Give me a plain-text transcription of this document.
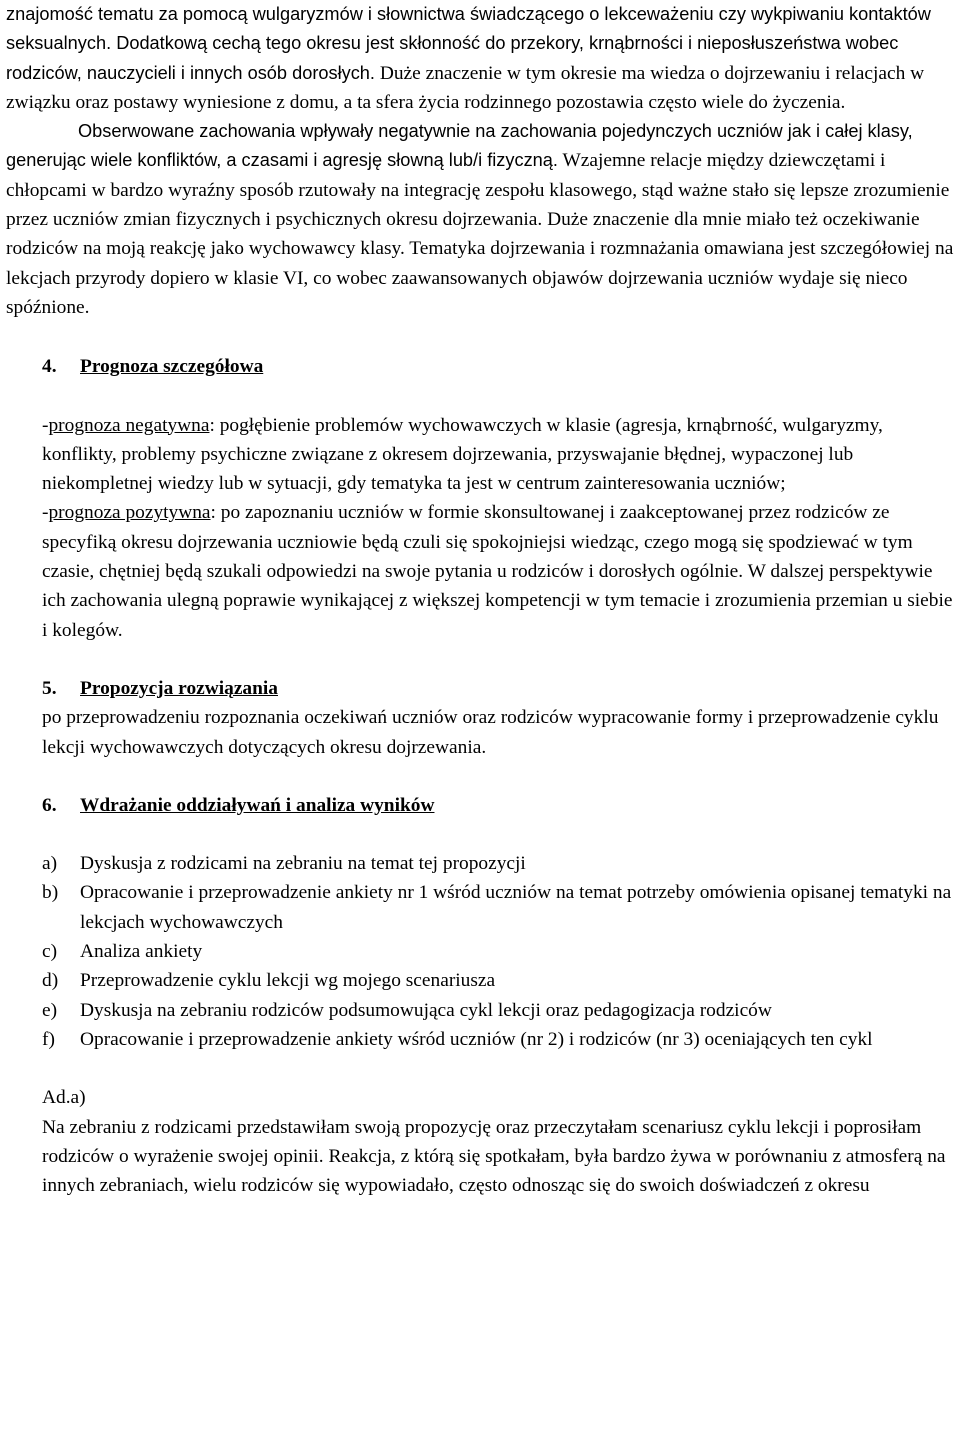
znajomość tematu za pomocą wulgaryzmów i słownictwa świadczącego o lekceważeniu czy wykpiwaniu kontaktów seksualnych. Dodatkową cechą tego okresu jest skłonność do przekory, krnąbrności i nieposłuszeństwa wobec rodziców, nauczycieli i innych osób dorosłych. Duże znaczenie w tym okresie ma wiedza o dojrzewaniu i relacjach w związku oraz postawy wyniesione z domu, a ta sfera życia rodzinnego pozostawia często wiele do życzenia.

Obserwowane zachowania wpływały negatywnie na zachowania pojedynczych uczniów jak i całej klasy, generując wiele konfliktów, a czasami i agresję słowną lub/i fizyczną. Wzajemne relacje między dziewczętami i chłopcami w bardzo wyraźny sposób rzutowały na integrację zespołu klasowego, stąd ważne stało się lepsze zrozumienie przez uczniów zmian fizycznych i psychicznych okresu dojrzewania. Duże znaczenie dla mnie miało też oczekiwanie rodziców na moją reakcję jako wychowawcy klasy. Tematyka dojrzewania i rozmnażania omawiana jest szczegółowiej na lekcjach przyrody dopiero w klasie VI, co wobec zaawansowanych objawów dojrzewania uczniów wydaje się nieco spóźnione.

4. Prognoza szczegółowa

-prognoza negatywna: pogłębienie problemów wychowawczych w klasie (agresja, krnąbrność, wulgaryzmy, konflikty, problemy psychiczne związane z okresem dojrzewania, przyswajanie błędnej, wypaczonej lub niekompletnej wiedzy lub w sytuacji, gdy tematyka ta jest w centrum zainteresowania uczniów;

-prognoza pozytywna: po zapoznaniu uczniów w formie skonsultowanej i zaakceptowanej przez rodziców ze specyfiką okresu dojrzewania uczniowie będą czuli się spokojniejsi wiedząc, czego mogą się spodziewać w tym czasie, chętniej będą szukali odpowiedzi na swoje pytania u rodziców i dorosłych ogólnie. W dalszej perspektywie ich zachowania ulegną poprawie wynikającej z większej kompetencji w tym temacie i zrozumienia przemian u siebie i kolegów.

5. Propozycja rozwiązania

po przeprowadzeniu rozpoznania oczekiwań uczniów oraz rodziców wypracowanie formy i przeprowadzenie cyklu lekcji wychowawczych dotyczących okresu dojrzewania.

6. Wdrażanie oddziaływań i analiza wyników

a) Dyskusja z rodzicami na zebraniu na temat tej propozycji
b) Opracowanie i przeprowadzenie ankiety nr 1 wśród uczniów na temat potrzeby omówienia opisanej tematyki na lekcjach wychowawczych
c) Analiza ankiety
d) Przeprowadzenie cyklu lekcji wg mojego scenariusza
e) Dyskusja na zebraniu rodziców podsumowująca cykl lekcji oraz pedagogizacja rodziców
f) Opracowanie i przeprowadzenie ankiety wśród uczniów (nr 2) i rodziców (nr 3) oceniających ten cykl

Ad.a)

Na zebraniu z rodzicami przedstawiłam swoją propozycję oraz przeczytałam scenariusz cyklu lekcji i poprosiłam rodziców o wyrażenie swojej opinii. Reakcja, z którą się spotkałam, była bardzo żywa w porównaniu z atmosferą na innych zebraniach, wielu rodziców się wypowiadało, często odnosząc się do swoich doświadczeń z okresu
